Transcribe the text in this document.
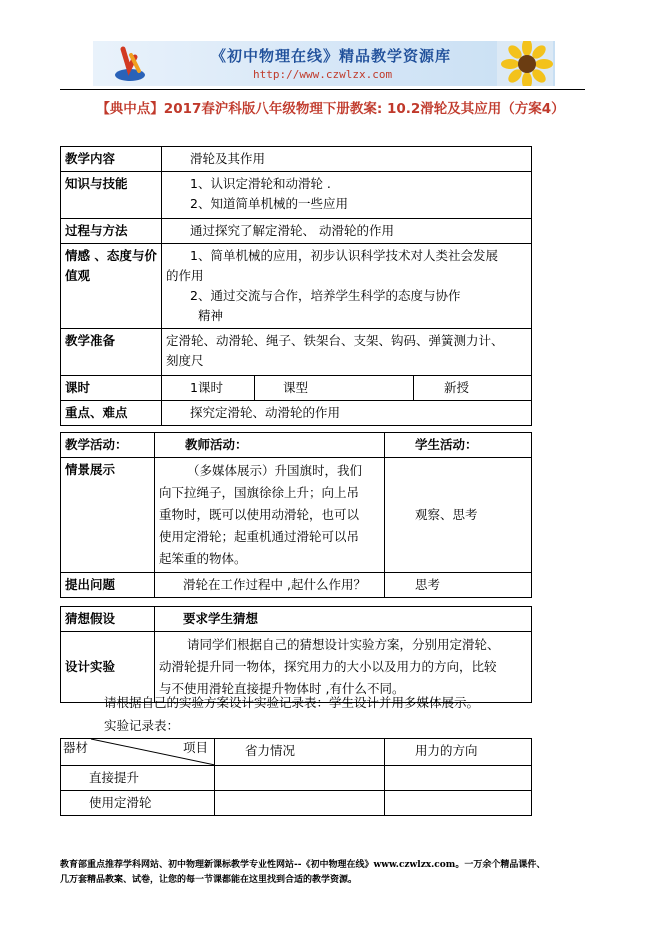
《初中物理在线》精品教学资源库
http://www.czwlzx.com
【典中点】2017春沪科版八年级物理下册教案: 10.2滑轮及其应用（方案4）
教学内容	滑轮及其作用		

知识与技能	1、认识定滑轮和动滑轮 .
2、知道简单机械的一些应用		

过程与方法	通过探究了解定滑轮、 动滑轮的作用		

情感 、态度与价值观	1、简单机械的应用，初步认识科学技术对人类社会发展
的作用
2、通过交流与合作，培养学生科学的态度与协作
精神		

教学准备	定滑轮、动滑轮、绳子、铁架台、支架、钩码、弹簧测力计、
刻度尺		

课时	1课时	课型	新授
重点、难点	探究定滑轮、动滑轮的作用		
教学活动：	教师活动：	学生活动：
情景展示	（多媒体展示）升国旗时，我们
向下拉绳子，国旗徐徐上升；向上吊
重物时，既可以使用动滑轮，也可以
使用定滑轮；起重机通过滑轮可以吊
起笨重的物体。	观察、思考
提出问题	滑轮在工作过程中 ,起什么作用？	思考
猜想假设	要求学生猜想
设计实验	请同学们根据自己的猜想设计实验方案，分别用定滑轮、
动滑轮提升同一物体，探究用力的大小以及用力的方向，比较
与不使用滑轮直接提升物体时 ,有什么不同。
请根据自己的实验方案设计实验记录表：学生设计并用多媒体展示。
实验记录表：
器材 项目	省力情况	用力的方向
直接提升		
使用定滑轮		
教育部重点推荐学科网站、初中物理新课标教学专业性网站--《初中物理在线》www.czwlzx.com。一万余个精品课件、
几万套精品教案、试卷，让您的每一节课都能在这里找到合适的教学资源。
